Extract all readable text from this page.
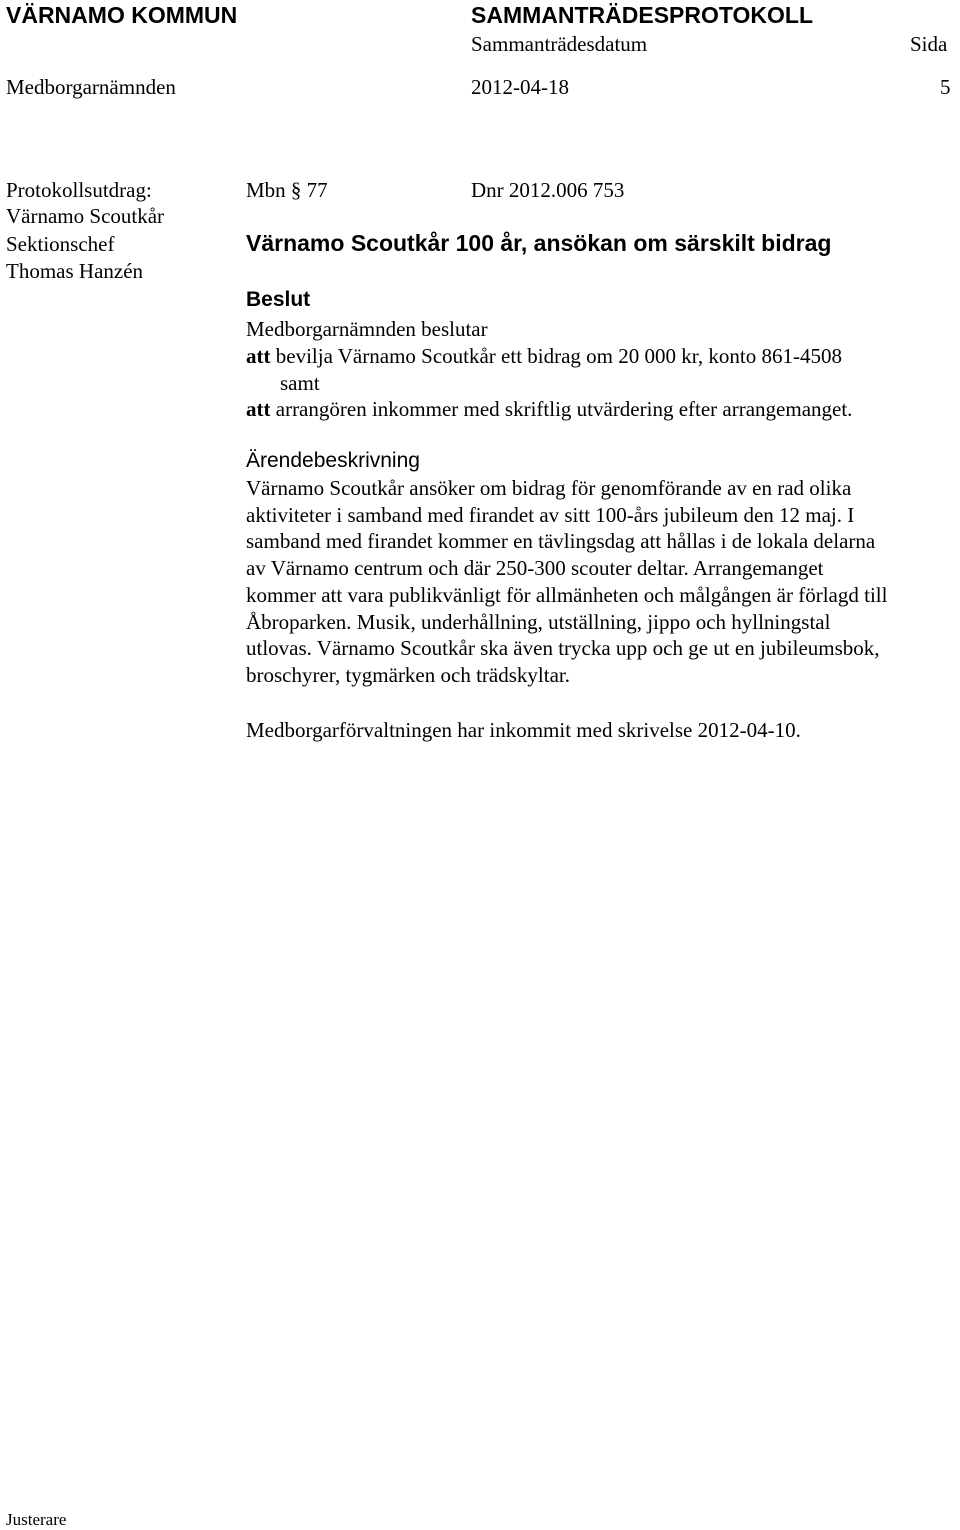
VÄRNAMO KOMMUN	SAMMANTRÄDESPROTOKOLL
Sammanträdesdatum	Sida
Medborgarnämnden	2012-04-18	5
Protokollsutdrag:
Värnamo Scoutkår
Sektionschef
Thomas Hanzén
Mbn § 77	Dnr 2012.006 753
Värnamo Scoutkår 100 år, ansökan om särskilt bidrag
Beslut
Medborgarnämnden beslutar
att bevilja Värnamo Scoutkår ett bidrag om 20 000 kr, konto 861-4508
samt
att arrangören inkommer med skriftlig utvärdering efter arrangemanget.
Ärendebeskrivning
Värnamo Scoutkår ansöker om bidrag för genomförande av en rad olika
aktiviteter i samband med firandet av sitt 100-års jubileum den 12 maj. I
samband med firandet kommer en tävlingsdag att hållas i de lokala delarna
av Värnamo centrum och där 250-300 scouter deltar. Arrangemanget
kommer att vara publikvänligt för allmänheten och målgången är förlagd till
Åbroparken. Musik, underhållning, utställning, jippo och hyllningstal
utlovas. Värnamo Scoutkår ska även trycka upp och ge ut en jubileumsbok,
broschyrer, tygmärken och trädskyltar.
Medborgarförvaltningen har inkommit med skrivelse 2012-04-10.
Justerare
